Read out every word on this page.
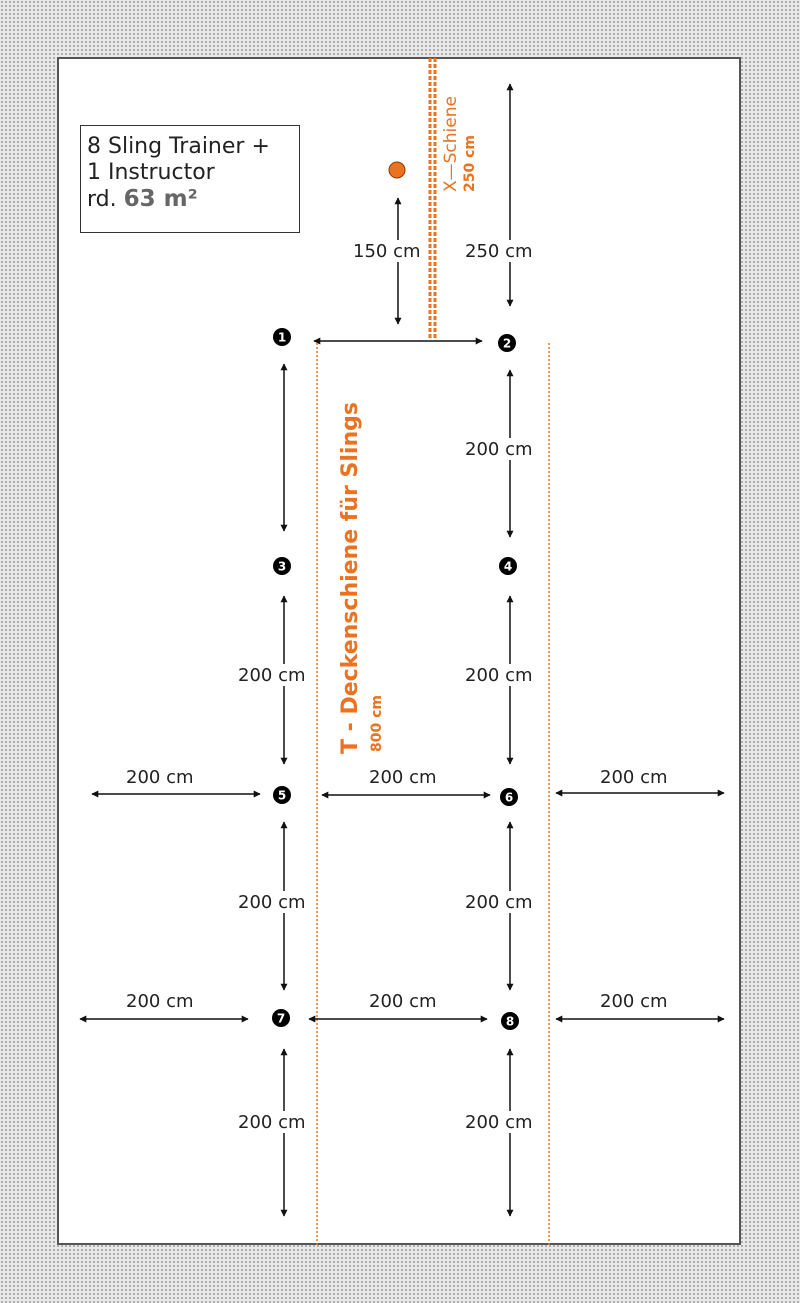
8 Sling Trainer +
1 Instructor
rd. 63 m²
150 cm 250 cm
200 cm
200 cm	200 cm
200 cm	200 cm
200 cm	200 cm
200 cm	200 cm	200 cm
200 cm	200 cm	200 cm
T - Deckenschiene für Slings 800 cm
X—Schiene 250 cm
1	2
3	4
5	6
7	8
